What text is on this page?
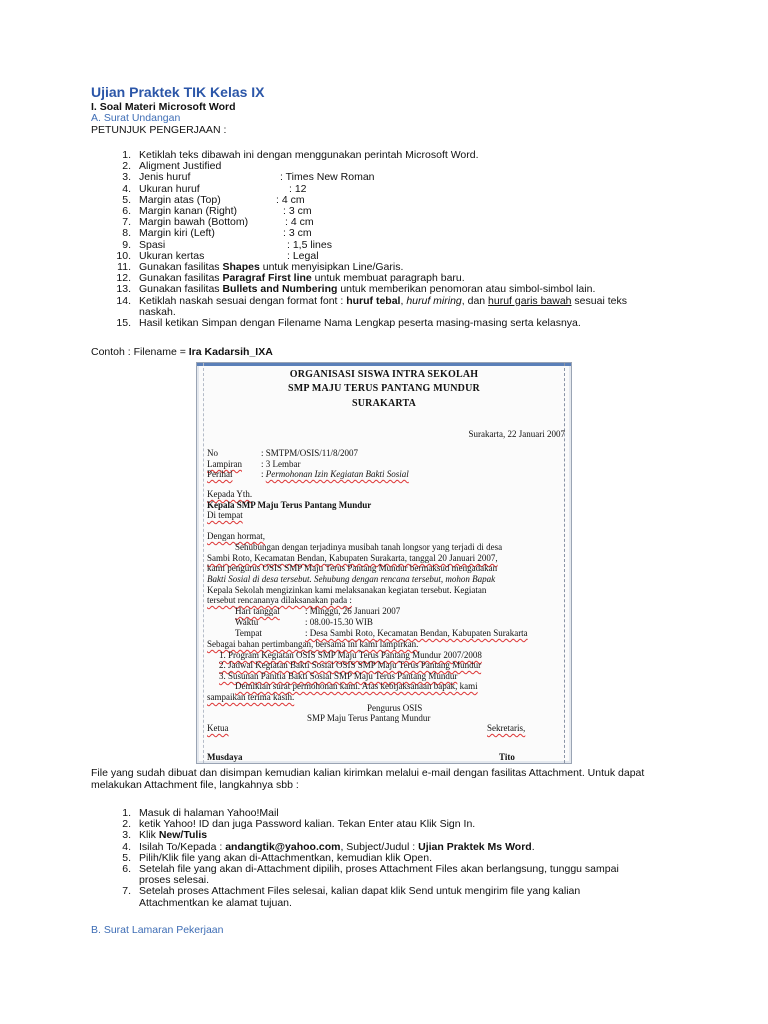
Ujian Praktek TIK Kelas IX
I. Soal Materi Microsoft Word
A. Surat Undangan
PETUNJUK PENGERJAAN :
1. Ketiklah teks dibawah ini dengan menggunakan perintah Microsoft Word.
2. Aligment Justified
3. Jenis huruf	: Times New Roman
4. Ukuran huruf	: 12
5. Margin atas (Top)	: 4 cm
6. Margin kanan (Right)	: 3 cm
7. Margin bawah (Bottom)	: 4 cm
8. Margin kiri (Left)	: 3 cm
9. Spasi	: 1,5 lines
10. Ukuran kertas	: Legal
11. Gunakan fasilitas Shapes untuk menyisipkan Line/Garis.
12. Gunakan fasilitas Paragraf First line untuk membuat paragraph baru.
13. Gunakan fasilitas Bullets and Numbering untuk memberikan penomoran atau simbol-simbol lain.
14. Ketiklah naskah sesuai dengan format font : huruf tebal, huruf miring, dan huruf garis bawah sesuai teks
naskah.
15. Hasil ketikan Simpan dengan Filename Nama Lengkap peserta masing-masing serta kelasnya.
Contoh : Filename = Ira Kadarsih_IXA
ORGANISASI SISWA INTRA SEKOLAH
SMP MAJU TERUS PANTANG MUNDUR
SURAKARTA
Surakarta, 22 Januari 2007
No	: SMTPM/OSIS/11/8/2007
Lampiran : 3 Lembar
Perihal	: Permohonan Izin Kegiatan Bakti Sosial
Kepada Yth.
Kepala SMP Maju Terus Pantang Mundur
Di tempat
Dengan hormat,
Sehubungan dengan terjadinya musibah tanah longsor yang terjadi di desa
Sambi Roto, Kecamatan Bendan, Kabupaten Surakarta, tanggal 20 Januari 2007,
kami pengurus OSIS SMP Maju Terus Pantang Mundur bermaksud mengadakan
Bakti Sosial di desa tersebut. Sehubung dengan rencana tersebut, mohon Bapak
Kepala Sekolah mengizinkan kami melaksanakan kegiatan tersebut. Kegiatan
tersebut rencananya dilaksanakan pada :
Hari tanggal	: Minggu, 26 Januari 2007
Waktu	: 08.00-15.30 WIB
Tempat	: Desa Sambi Roto, Kecamatan Bendan, Kabupaten Surakarta
Sebagai bahan pertimbangan, bersama ini kami lampirkan.
1. Program Kegiatan OSIS SMP Maju Terus Pantang Mundur 2007/2008
2. Jadwal Kegiatan Bakti Sosial OSIS SMP Maju Terus Pantang Mundur
3. Susunan Panitia Bakti Sosial SMP Maju Terus Pantang Mundur
Demikian surat permohonan kami. Atas kebijaksanaan bapak, kami
sampaikan terima kasih.
Pengurus OSIS
SMP Maju Terus Pantang Mundur
Ketua	Sekretaris,
Musdaya	Tito
File yang sudah dibuat dan disimpan kemudian kalian kirimkan melalui e-mail dengan fasilitas Attachment. Untuk dapat melakukan Attachment file, langkahnya sbb :
1. Masuk di halaman Yahoo!Mail
2. ketik Yahoo! ID dan juga Password kalian. Tekan Enter atau Klik Sign In.
3. Klik New/Tulis
4. Isilah To/Kepada : andangtik@yahoo.com, Subject/Judul : Ujian Praktek Ms Word.
5. Pilih/Klik file yang akan di-Attachmentkan, kemudian klik Open.
6. Setelah file yang akan di-Attachment dipilih, proses Attachment Files akan berlangsung, tunggu sampai
proses selesai.
7. Setelah proses Attachment Files selesai, kalian dapat klik Send untuk mengirim file yang kalian
Attachmentkan ke alamat tujuan.
B. Surat Lamaran Pekerjaan
